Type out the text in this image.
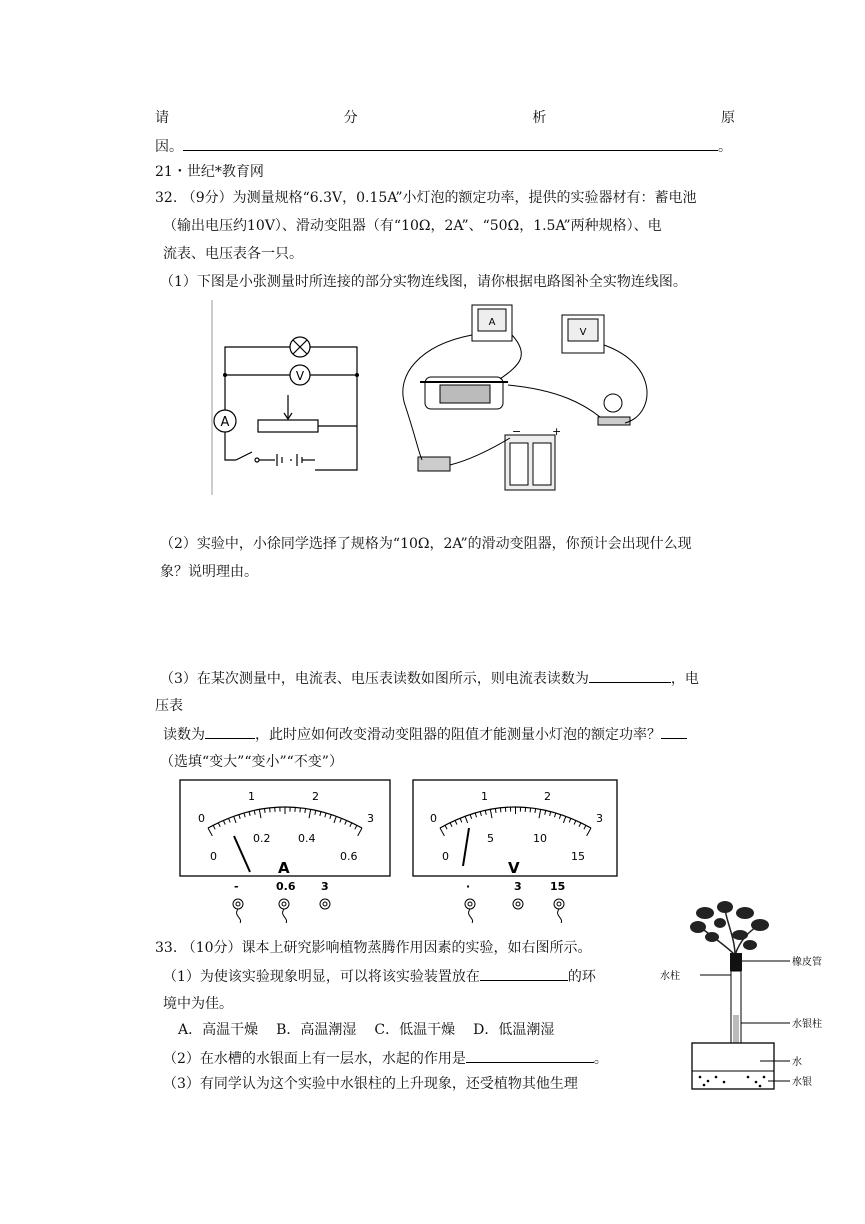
请	分	析	原
因。	。
21・世纪*教育网
32. （9分）为测量规格“6.3V，0.15A”小灯泡的额定功率，提供的实验器材有：蓄电池
（输出电压约10V）、滑动变阻器（有“10Ω，2A”、“50Ω，1.5A”两种规格）、电
流表、电压表各一只。
（1）下图是小张测量时所连接的部分实物连线图，请你根据电路图补全实物连线图。
A
V
A
V
−	+
（2）实验中，小徐同学选择了规格为“10Ω，2A”的滑动变阻器，你预计会出现什么现
象？说明理由。
（3）在某次测量中，电流表、电压表读数如图所示，则电流表读数为	，电
压表
读数为	，此时应如何改变滑动变阻器的阻值才能测量小灯泡的额定功率？
（选填“变大”“变小”“不变”）
0
1	2
3
0
0.2	0.4
0.6
A
0
1	2
3
0
5	10
15
V
-	0.6 3	·	3	15
33. （10分）课本上研究影响植物蒸腾作用因素的实验，如右图所示。
（1）为使该实验现象明显，可以将该实验装置放在	的环
境中为佳。
A．高温干燥 B．高温潮湿 C．低温干燥 D．低温潮湿
（2）在水槽的水银面上有一层水，水起的作用是	。
（3）有同学认为这个实验中水银柱的上升现象，还受植物其他生理
橡皮管
水柱
水银柱
水
水银
